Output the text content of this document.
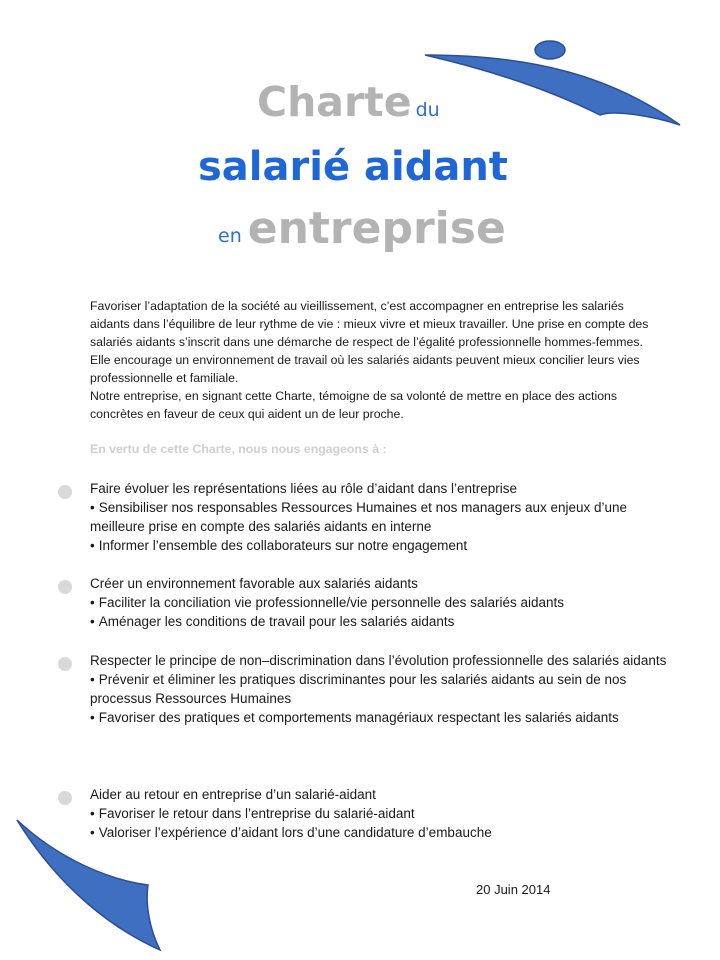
Charte du
salarié aidant
en entreprise

Favoriser l’adaptation de la société au vieillissement, c’est accompagner en entreprise les salariés aidants dans l’équilibre de leur rythme de vie : mieux vivre et mieux travailler. Une prise en compte des salariés aidants s’inscrit dans une démarche de respect de l’égalité professionnelle hommes-femmes. Elle encourage un environnement de travail où les salariés aidants peuvent mieux concilier leurs vies professionnelle et familiale.

Notre entreprise, en signant cette Charte, témoigne de sa volonté de mettre en place des actions concrètes en faveur de ceux qui aident un de leur proche.

En vertu de cette Charte, nous nous engageons à :

Faire évoluer les représentations liées au rôle d’aidant dans l’entreprise

• Sensibiliser nos responsables Ressources Humaines et nos managers aux enjeux d’une meilleure prise en compte des salariés aidants en interne
• Informer l’ensemble des collaborateurs sur notre engagement

Créer un environnement favorable aux salariés aidants

• Faciliter la conciliation vie professionnelle/vie personnelle des salariés aidants
• Aménager les conditions de travail pour les salariés aidants

Respecter le principe de non–discrimination dans l’évolution professionnelle des salariés aidants

• Prévenir et éliminer les pratiques discriminantes pour les salariés aidants au sein de nos processus Ressources Humaines
• Favoriser des pratiques et comportements managériaux respectant les salariés aidants

Aider au retour en entreprise d’un salarié-aidant

• Favoriser le retour dans l’entreprise du salarié-aidant
• Valoriser l’expérience d’aidant lors d’une candidature d’embauche

20 Juin 2014
